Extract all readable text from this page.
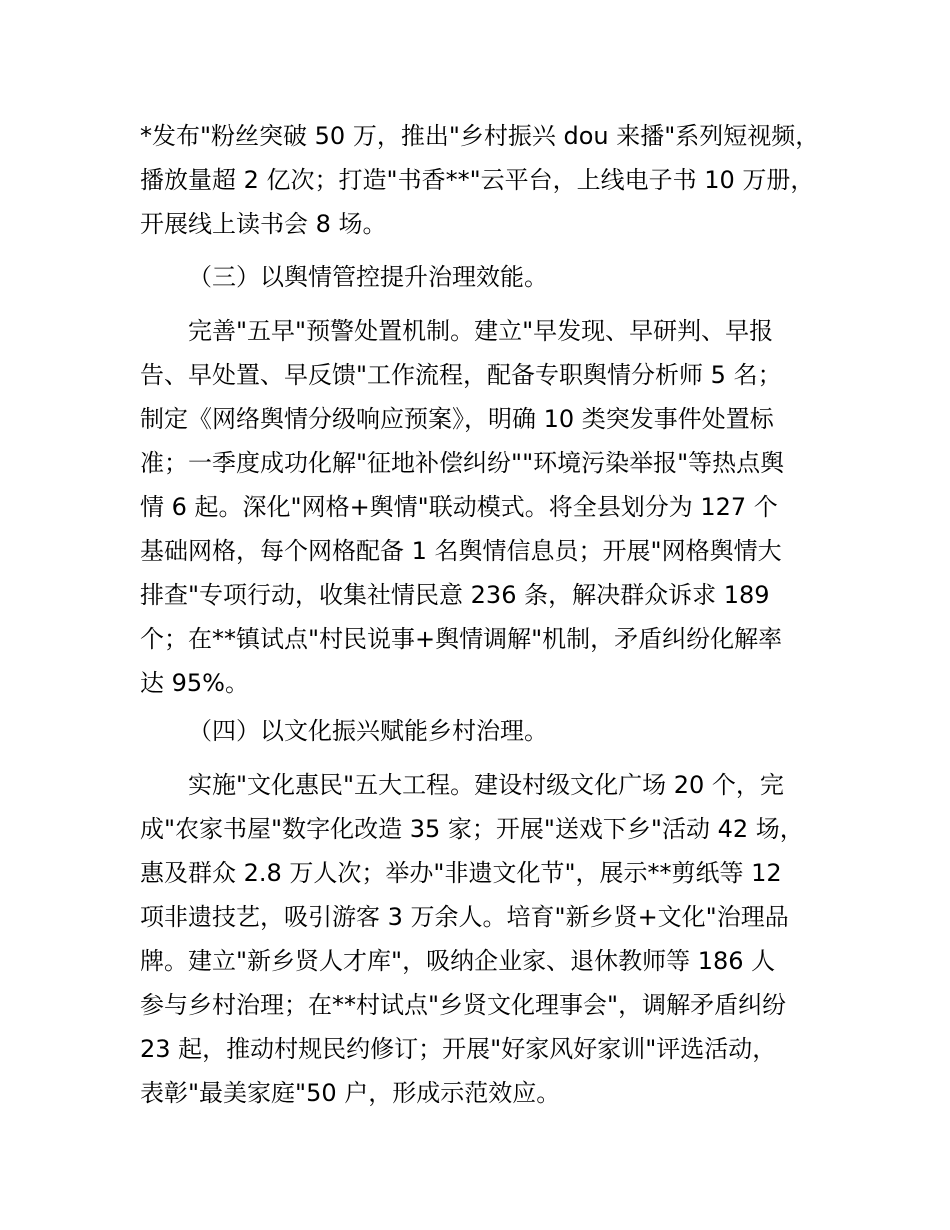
*发布"粉丝突破 50 万，推出"乡村振兴 dou 来播"系列短视频，
播放量超 2 亿次；打造"书香**"云平台，上线电子书 10 万册，
开展线上读书会 8 场。
（三）以舆情管控提升治理效能。
完善"五早"预警处置机制。建立"早发现、早研判、早报
告、早处置、早反馈"工作流程，配备专职舆情分析师 5 名；
制定《网络舆情分级响应预案》，明确 10 类突发事件处置标
准；一季度成功化解"征地补偿纠纷""环境污染举报"等热点舆
情 6 起。深化"网格+舆情"联动模式。将全县划分为 127 个
基础网格，每个网格配备 1 名舆情信息员；开展"网格舆情大
排查"专项行动，收集社情民意 236 条，解决群众诉求 189
个；在**镇试点"村民说事+舆情调解"机制，矛盾纠纷化解率
达 95%。
（四）以文化振兴赋能乡村治理。
实施"文化惠民"五大工程。建设村级文化广场 20 个，完
成"农家书屋"数字化改造 35 家；开展"送戏下乡"活动 42 场，
惠及群众 2.8 万人次；举办"非遗文化节"，展示**剪纸等 12
项非遗技艺，吸引游客 3 万余人。培育"新乡贤+文化"治理品
牌。建立"新乡贤人才库"，吸纳企业家、退休教师等 186 人
参与乡村治理；在**村试点"乡贤文化理事会"，调解矛盾纠纷
23 起，推动村规民约修订；开展"好家风好家训"评选活动，
表彰"最美家庭"50 户，形成示范效应。
